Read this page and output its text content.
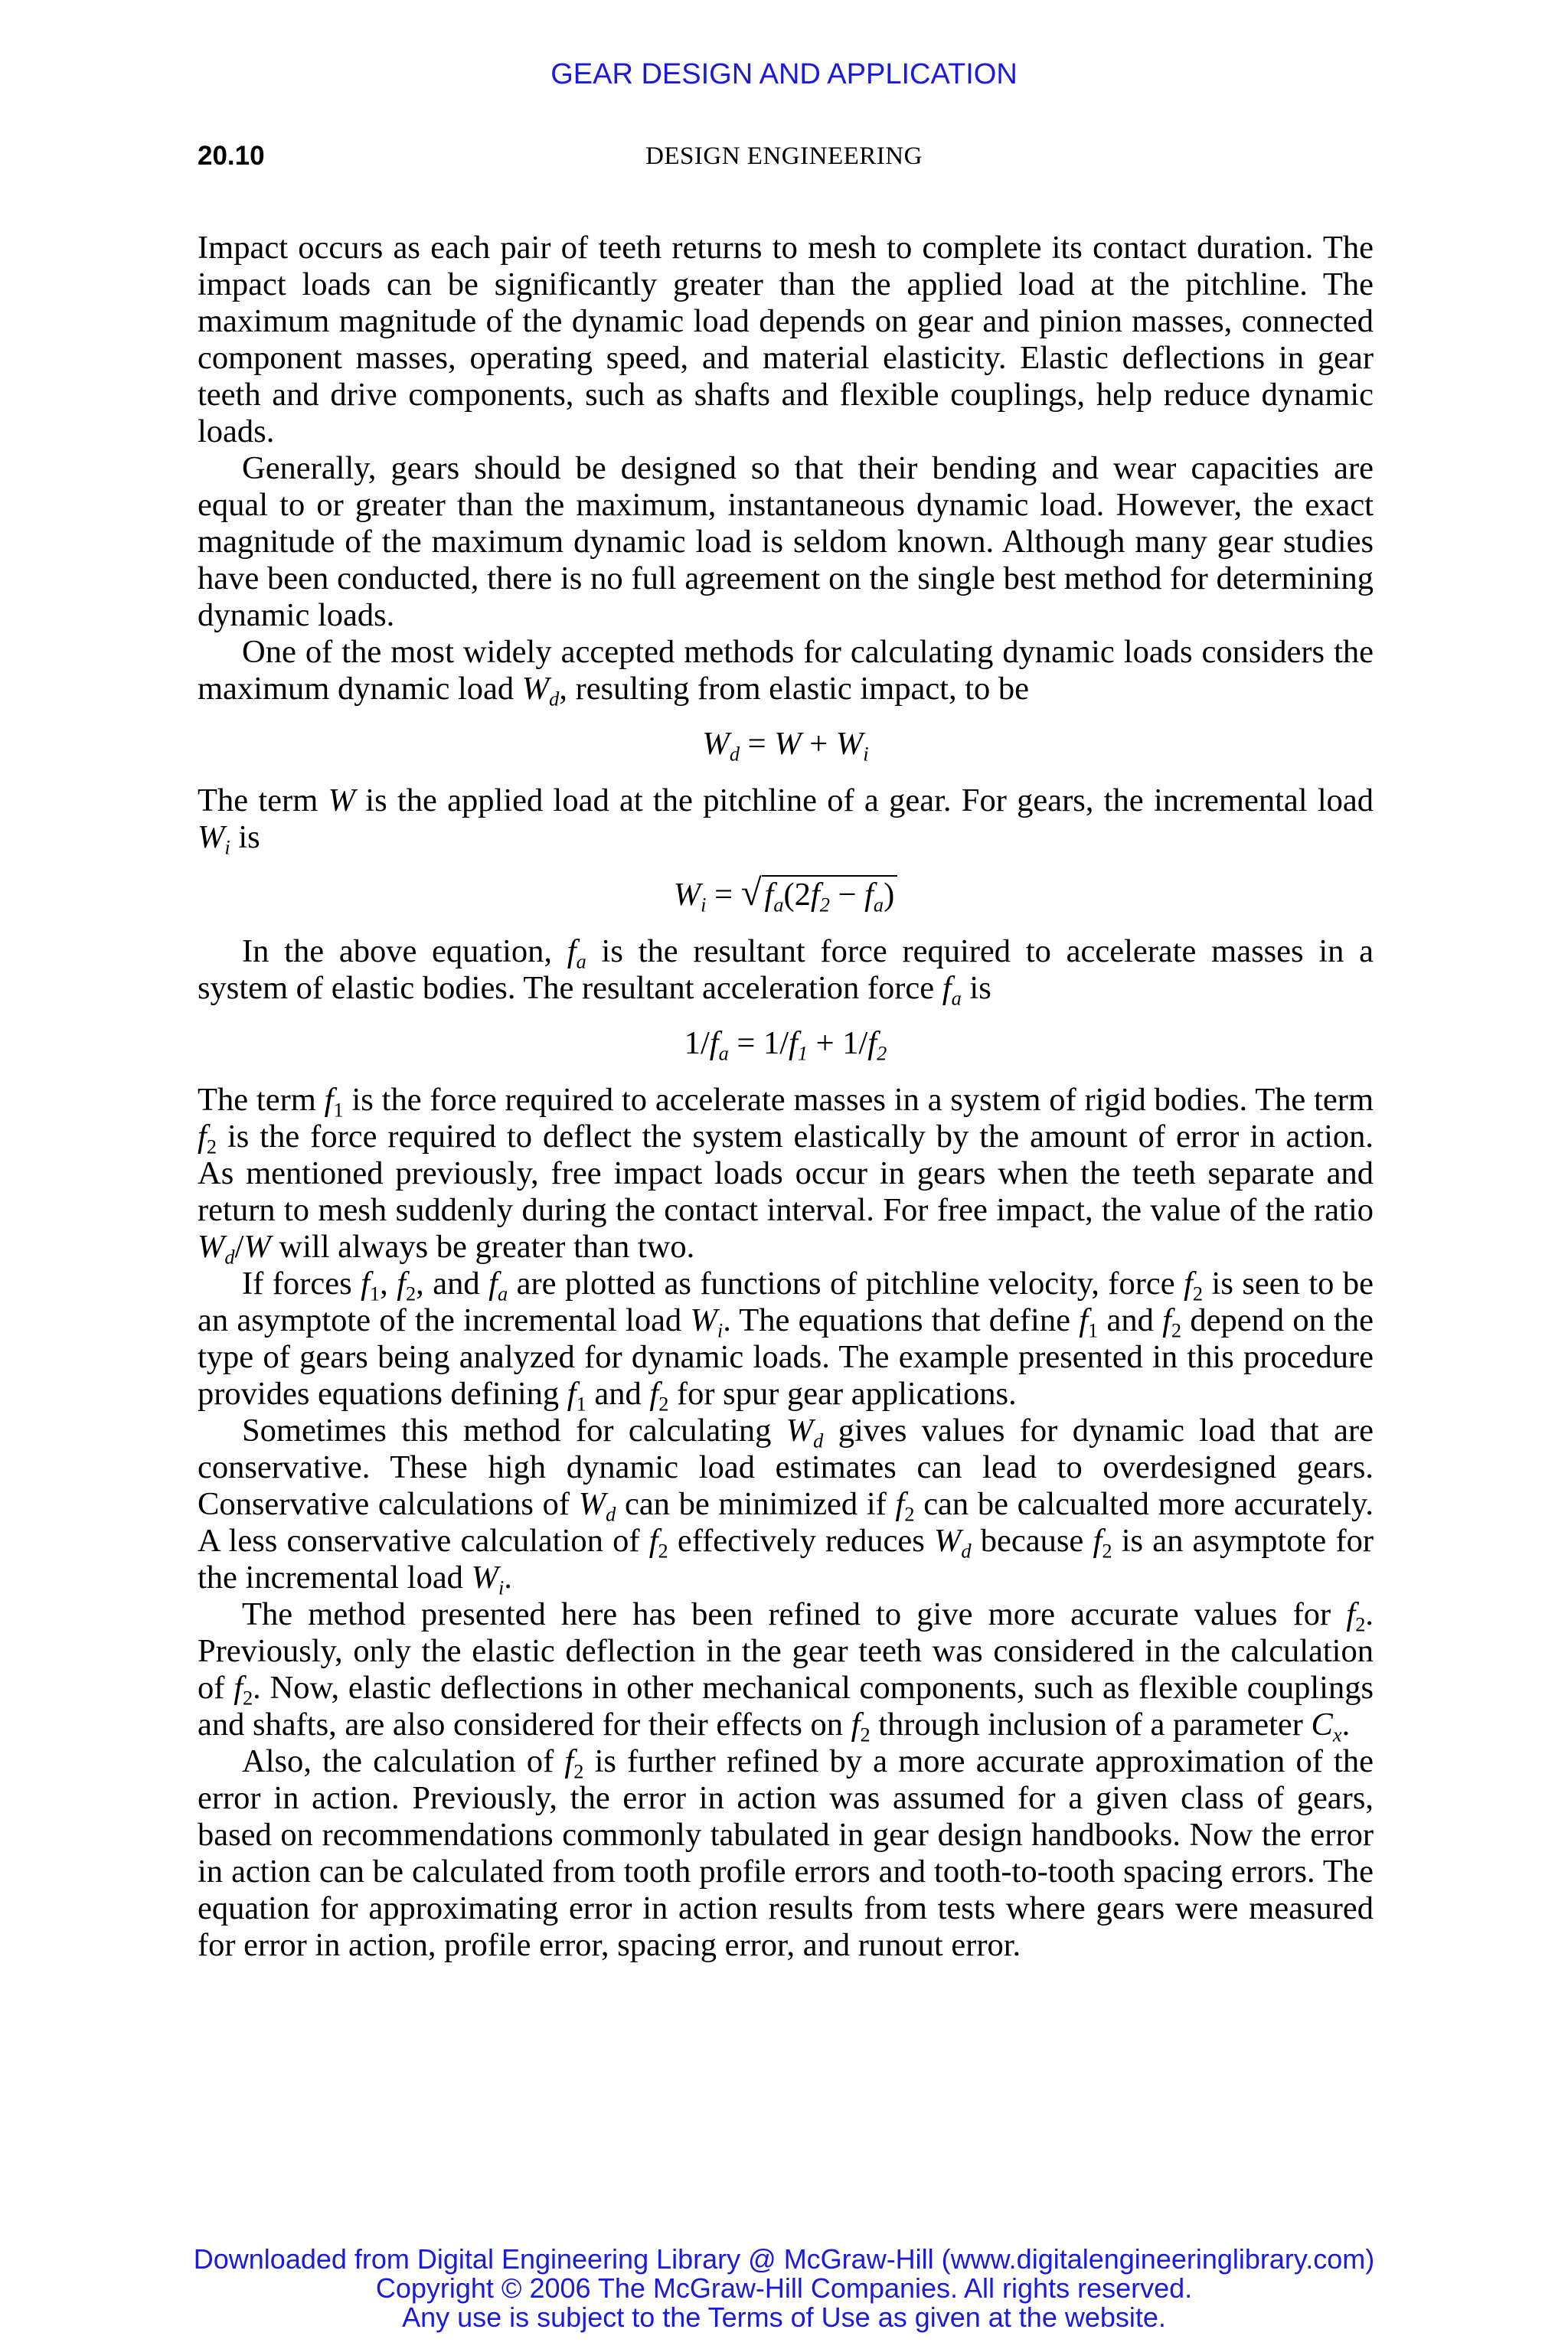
GEAR DESIGN AND APPLICATION
20.10	DESIGN ENGINEERING

Impact occurs as each pair of teeth returns to mesh to complete its contact duration. The impact loads can be significantly greater than the applied load at the pitchline. The maximum magnitude of the dynamic load depends on gear and pinion masses, connected component masses, operating speed, and material elasticity. Elastic deflections in gear teeth and drive components, such as shafts and flexible couplings, help reduce dynamic loads.

Generally, gears should be designed so that their bending and wear capacities are equal to or greater than the maximum, instantaneous dynamic load. However, the exact magnitude of the maximum dynamic load is seldom known. Although many gear studies have been conducted, there is no full agreement on the single best method for determining dynamic loads.

One of the most widely accepted methods for calculating dynamic loads considers the maximum dynamic load $W_d$, resulting from elastic impact, to be

$W_d = W + W_i$

The term W is the applied load at the pitchline of a gear. For gears, the incremental load $W_i$ is

$W_i = √f_a(2f_2 - f_a)$

In the above equation, $f_a$ is the resultant force required to accelerate masses in a system of elastic bodies. The resultant acceleration force $f_a$ is

$1/f_a = 1/f_1 + 1/f_2$

The term $f_1$ is the force required to accelerate masses in a system of rigid bodies. The term $f_2$ is the force required to deflect the system elastically by the amount of error in action. As mentioned previously, free impact loads occur in gears when the teeth separate and return to mesh suddenly during the contact interval. For free impact, the value of the ratio $W_d/W$ will always be greater than two.

If forces $f_1$, $f_2$, and $f_a$ are plotted as functions of pitchline velocity, force $f_2$ is seen to be an asymptote of the incremental load $W_i$. The equations that define $f_1$ and $f_2$ depend on the type of gears being analyzed for dynamic loads. The example presented in this procedure provides equations defining $f_1$ and $f_2$ for spur gear applications.

Sometimes this method for calculating $W_d$ gives values for dynamic load that are conservative. These high dynamic load estimates can lead to overdesigned gears. Conservative calculations of $W_d$ can be minimized if $f_2$ can be calcualted more accurately. A less conservative calculation of $f_2$ effectively reduces $W_d$ because $f_2$ is an asymptote for the incremental load $W_i$.

The method presented here has been refined to give more accurate values for $f_2$. Previously, only the elastic deflection in the gear teeth was considered in the calculation of $f_2$. Now, elastic deflections in other mechanical components, such as flexible couplings and shafts, are also considered for their effects on $f_2$ through inclusion of a parameter $C_x$.

Also, the calculation of $f_2$ is further refined by a more accurate approximation of the error in action. Previously, the error in action was assumed for a given class of gears, based on recommendations commonly tabulated in gear design handbooks. Now the error in action can be calculated from tooth profile errors and tooth-to-tooth spacing errors. The equation for approximating error in action results from tests where gears were measured for error in action, profile error, spacing error, and runout error.

Downloaded from Digital Engineering Library @ McGraw-Hill (www.digitalengineeringlibrary.com)
Copyright © 2006 The McGraw-Hill Companies. All rights reserved.
Any use is subject to the Terms of Use as given at the website.
